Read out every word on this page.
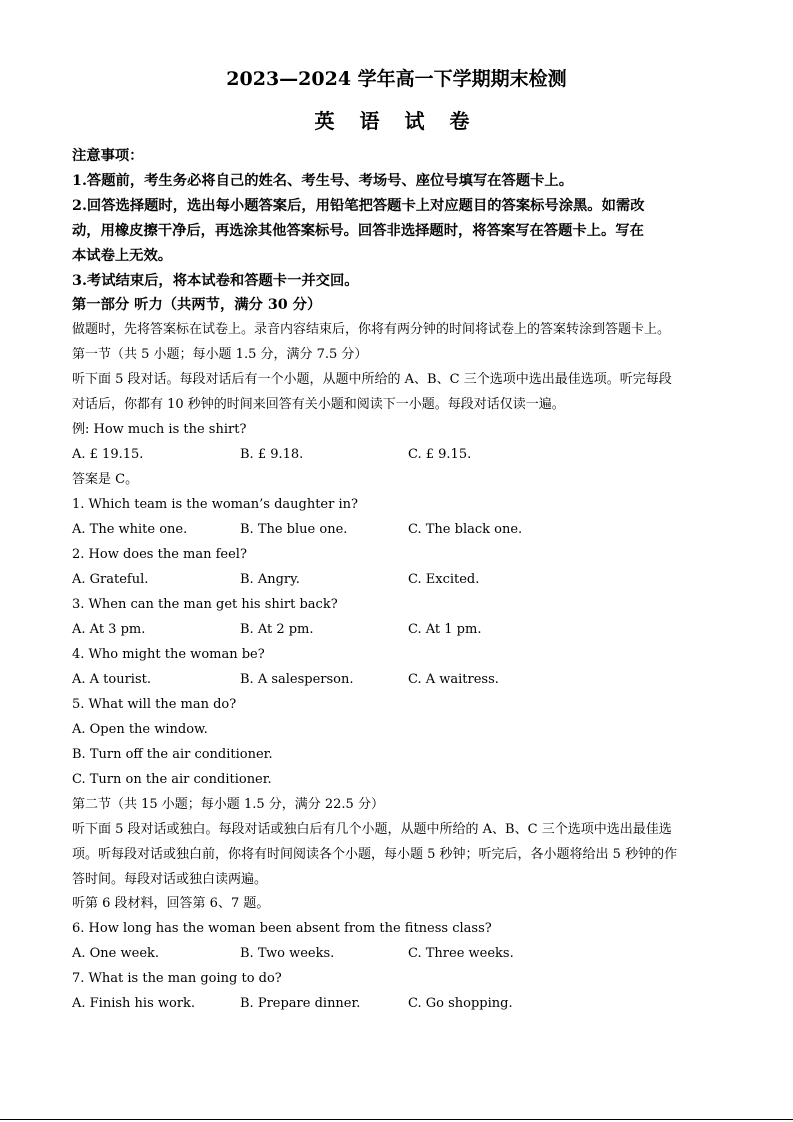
2023—2024 学年高一下学期期末检测
英 语 试 卷
注意事项：
1.答题前，考生务必将自己的姓名、考生号、考场号、座位号填写在答题卡上。
2.回答选择题时，选出每小题答案后，用铅笔把答题卡上对应题目的答案标号涂黑。如需改
动，用橡皮擦干净后，再选涂其他答案标号。回答非选择题时，将答案写在答题卡上。写在
本试卷上无效。
3.考试结束后，将本试卷和答题卡一并交回。
第一部分 听力（共两节，满分 30 分）
做题时，先将答案标在试卷上。录音内容结束后，你将有两分钟的时间将试卷上的答案转涂到答题卡上。
第一节（共 5 小题；每小题 1.5 分，满分 7.5 分）
听下面 5 段对话。每段对话后有一个小题，从题中所给的 A、B、C 三个选项中选出最佳选项。听完每段
对话后，你都有 10 秒钟的时间来回答有关小题和阅读下一小题。每段对话仅读一遍。
例: How much is the shirt?
A. £ 19.15.	B. £ 9.18.	C. £ 9.15.
答案是 C。
1. Which team is the woman’s daughter in?
A. The white one.	B. The blue one.	C. The black one.
2. How does the man feel?
A. Grateful.	B. Angry.	C. Excited.
3. When can the man get his shirt back?
A. At 3 pm.	B. At 2 pm.	C. At 1 pm.
4. Who might the woman be?
A. A tourist.	B. A salesperson.	C. A waitress.
5. What will the man do?
A. Open the window.
B. Turn off the air conditioner.
C. Turn on the air conditioner.
第二节（共 15 小题；每小题 1.5 分，满分 22.5 分）
听下面 5 段对话或独白。每段对话或独白后有几个小题，从题中所给的 A、B、C 三个选项中选出最佳选
项。听每段对话或独白前，你将有时间阅读各个小题，每小题 5 秒钟；听完后，各小题将给出 5 秒钟的作
答时间。每段对话或独白读两遍。
听第 6 段材料，回答第 6、7 题。
6. How long has the woman been absent from the fitness class?
A. One week.	B. Two weeks.	C. Three weeks.
7. What is the man going to do?
A. Finish his work.	B. Prepare dinner.	C. Go shopping.
